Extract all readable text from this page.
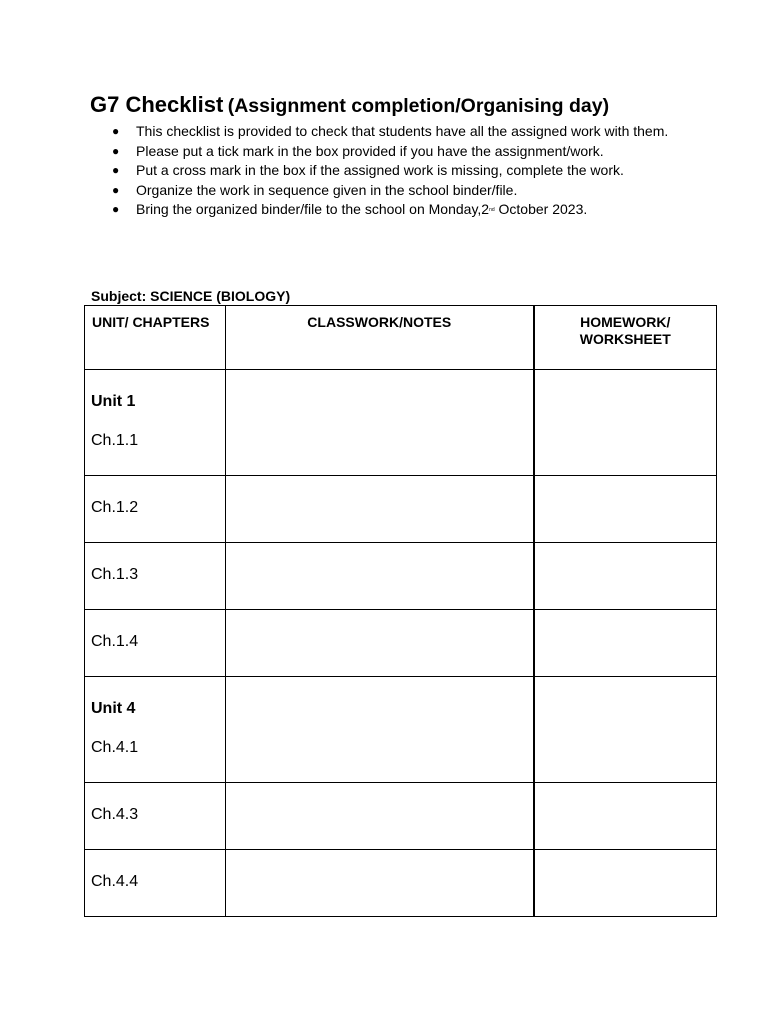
G7 Checklist (Assignment completion/Organising day)
● This checklist is provided to check that students have all the assigned work with them.
● Please put a tick mark in the box provided if you have the assignment/work.
● Put a cross mark in the box if the assigned work is missing, complete the work.
● Organize the work in sequence given in the school binder/file.
● Bring the organized binder/file to the school on Monday,2nd October 2023.
Subject: SCIENCE (BIOLOGY)
UNIT/ CHAPTERS	CLASSWORK/NOTES	HOMEWORK/
WORKSHEET

Unit 1
Ch.1.1		

Ch.1.2		

Ch.1.3		

Ch.1.4		

Unit 4
Ch.4.1		

Ch.4.3		

Ch.4.4		
